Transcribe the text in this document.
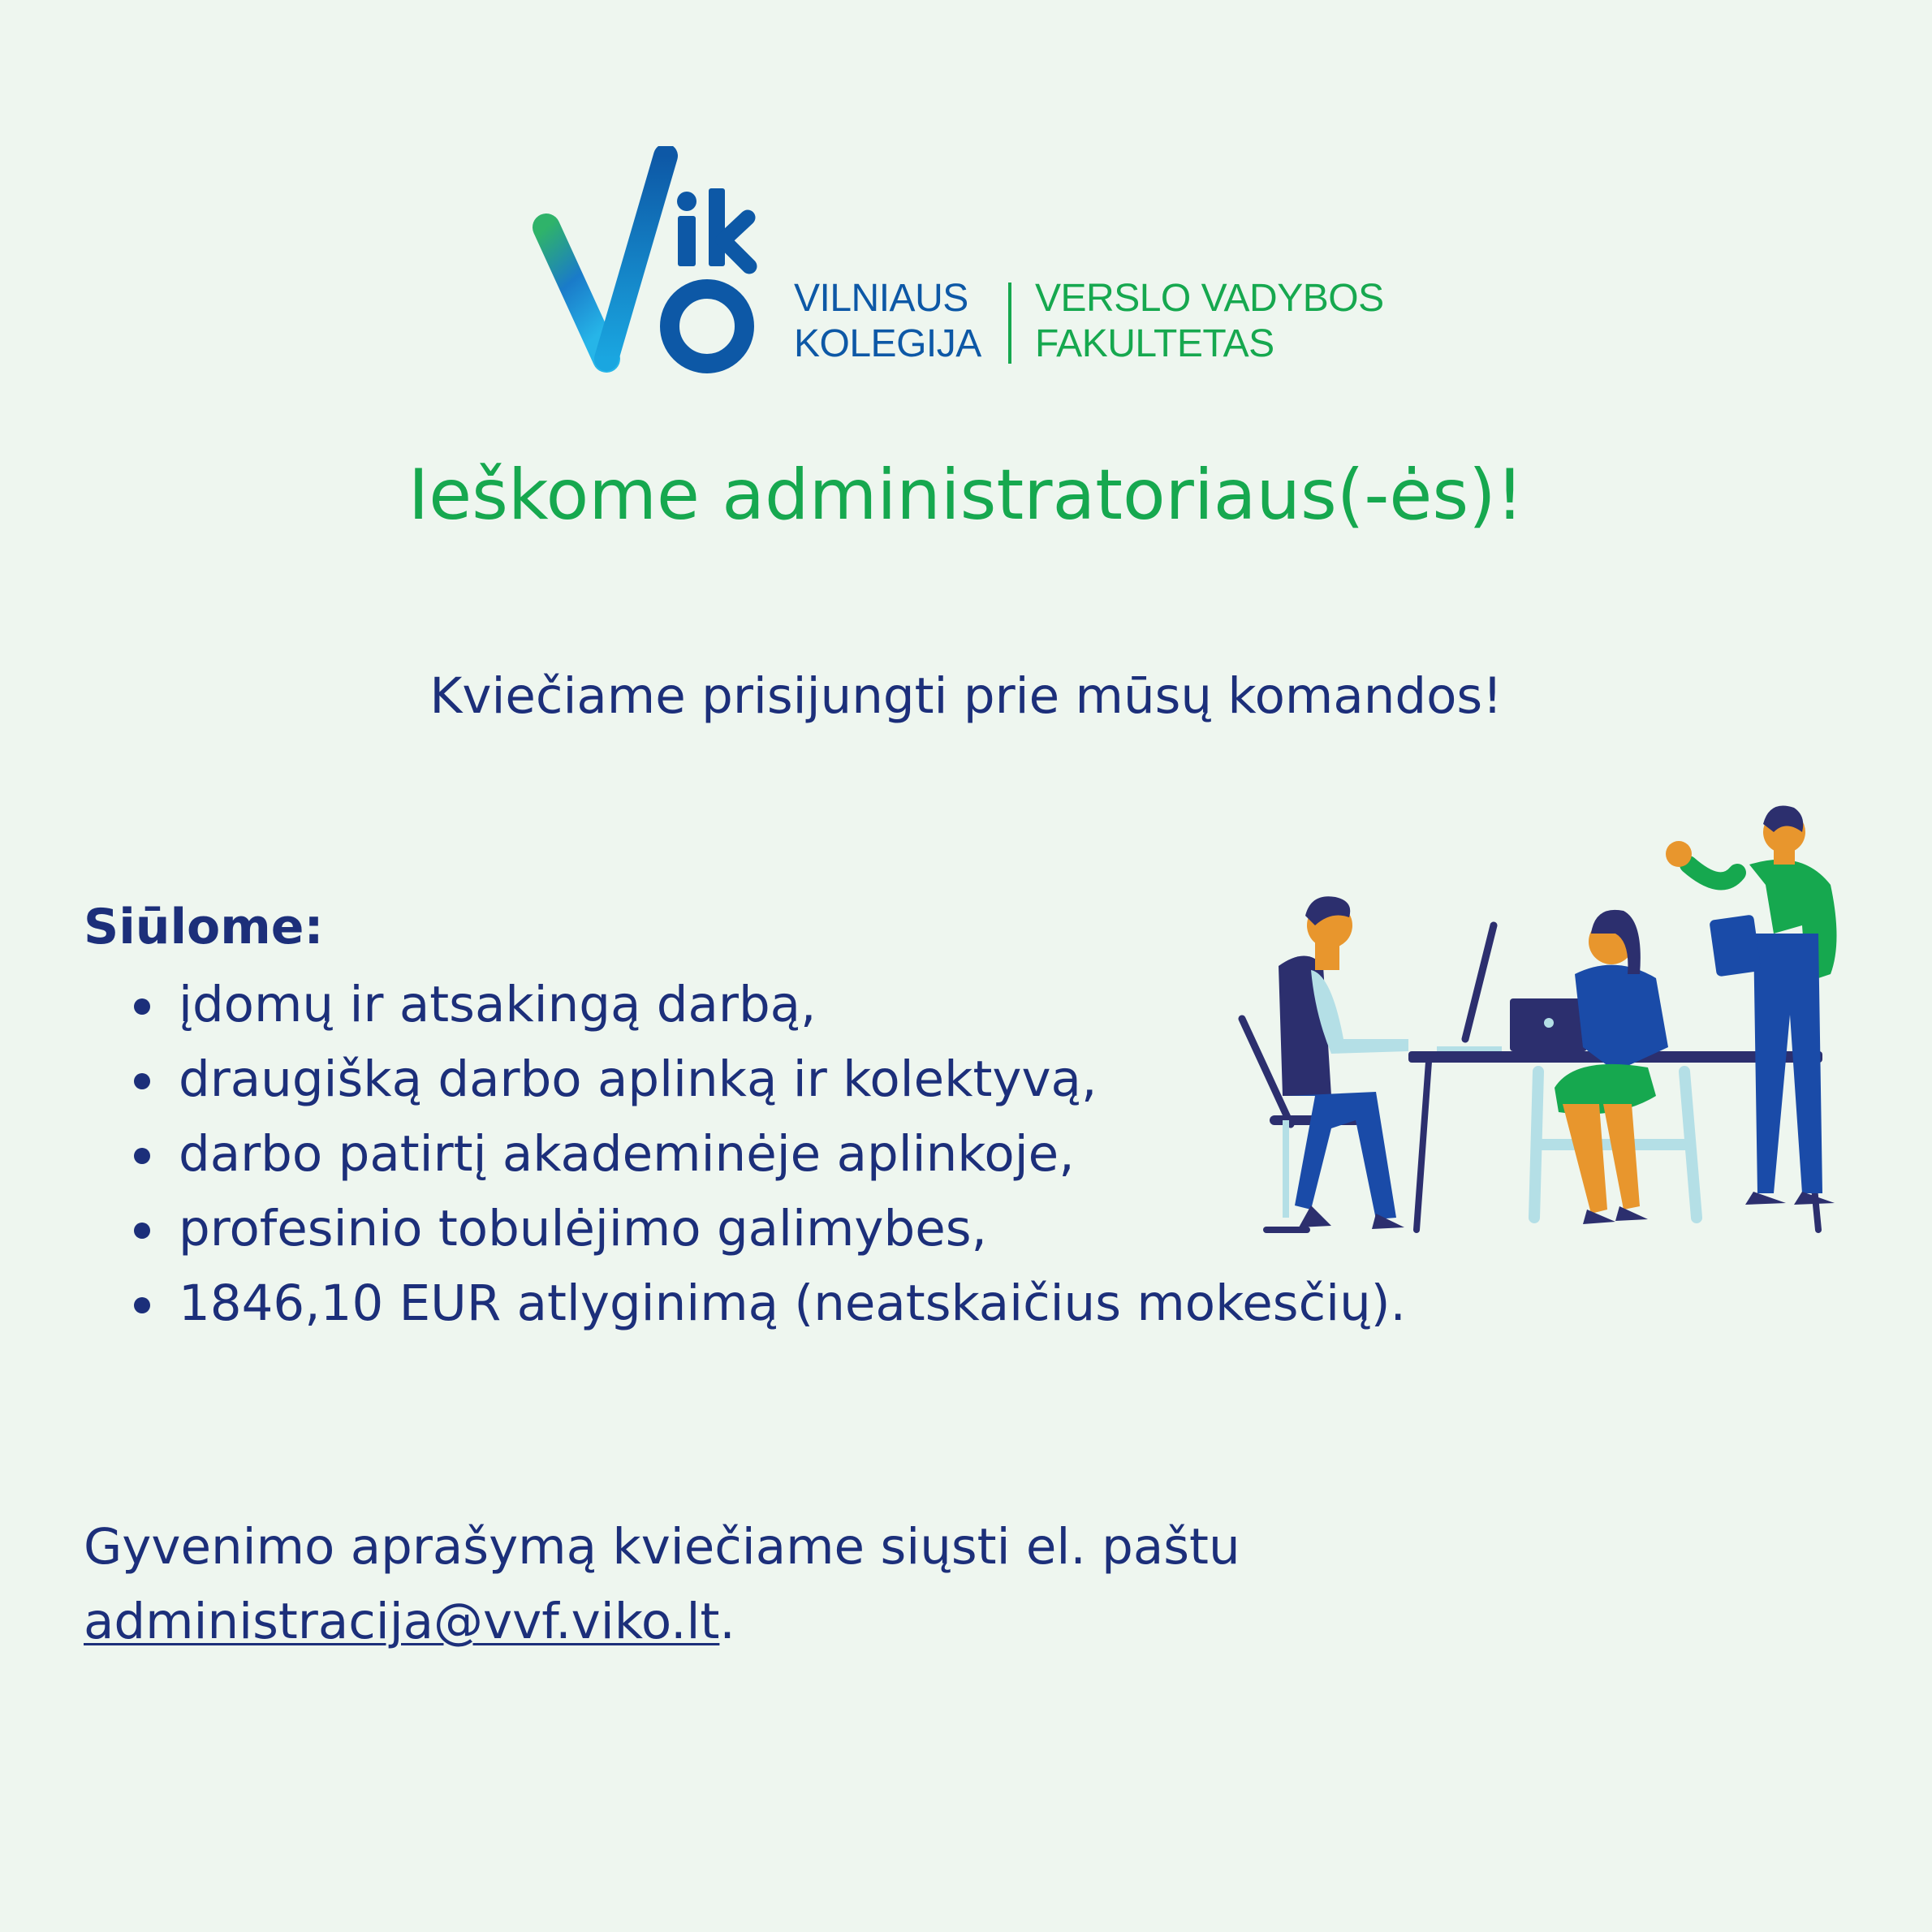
VILNIAUS
KOLEGIJA
VERSLO VADYBOS
FAKULTETAS
Ieškome administratoriaus(-ės)!
Kviečiame prisijungti prie mūsų komandos!
Siūlome:
įdomų ir atsakingą darbą,
draugišką darbo aplinką ir kolektyvą,
darbo patirtį akademinėje aplinkoje,
profesinio tobulėjimo galimybes,
1846,10 EUR atlyginimą (neatskaičius mokesčių).
Gyvenimo aprašymą kviečiame siųsti el. paštu
administracija@vvf.viko.lt.
